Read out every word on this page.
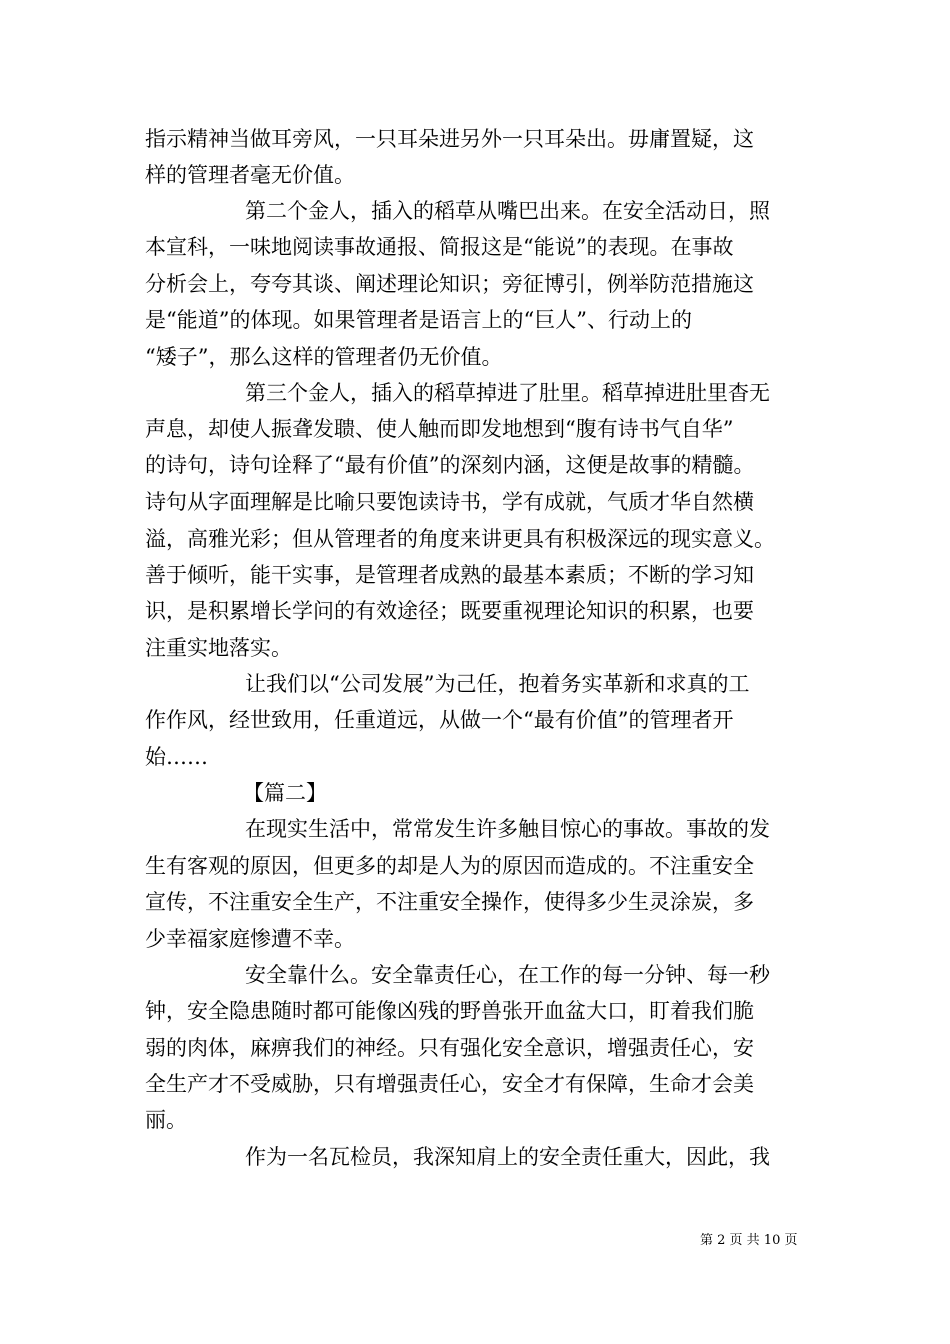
指示精神当做耳旁风，一只耳朵进另外一只耳朵出。毋庸置疑，这
样的管理者毫无价值。
第二个金人，插入的稻草从嘴巴出来。在安全活动日，照
本宣科，一味地阅读事故通报、简报这是“能说”的表现。在事故
分析会上，夸夸其谈、阐述理论知识；旁征博引，例举防范措施这
是“能道”的体现。如果管理者是语言上的“巨人”、行动上的
“矮子”，那么这样的管理者仍无价值。
第三个金人，插入的稻草掉进了肚里。稻草掉进肚里杳无
声息，却使人振聋发聩、使人触而即发地想到“腹有诗书气自华”
的诗句，诗句诠释了“最有价值”的深刻内涵，这便是故事的精髓。
诗句从字面理解是比喻只要饱读诗书，学有成就，气质才华自然横
溢，高雅光彩；但从管理者的角度来讲更具有积极深远的现实意义。
善于倾听，能干实事，是管理者成熟的最基本素质；不断的学习知
识，是积累增长学问的有效途径；既要重视理论知识的积累，也要
注重实地落实。
让我们以“公司发展”为己任，抱着务实革新和求真的工
作作风，经世致用，任重道远，从做一个“最有价值”的管理者开
始……
【篇二】
在现实生活中，常常发生许多触目惊心的事故。事故的发
生有客观的原因，但更多的却是人为的原因而造成的。不注重安全
宣传，不注重安全生产，不注重安全操作，使得多少生灵涂炭，多
少幸福家庭惨遭不幸。
安全靠什么。安全靠责任心，在工作的每一分钟、每一秒
钟，安全隐患随时都可能像凶残的野兽张开血盆大口，盯着我们脆
弱的肉体，麻痹我们的神经。只有强化安全意识，增强责任心，安
全生产才不受威胁，只有增强责任心，安全才有保障，生命才会美
丽。
作为一名瓦检员，我深知肩上的安全责任重大，因此，我
第 2 页 共 10 页
